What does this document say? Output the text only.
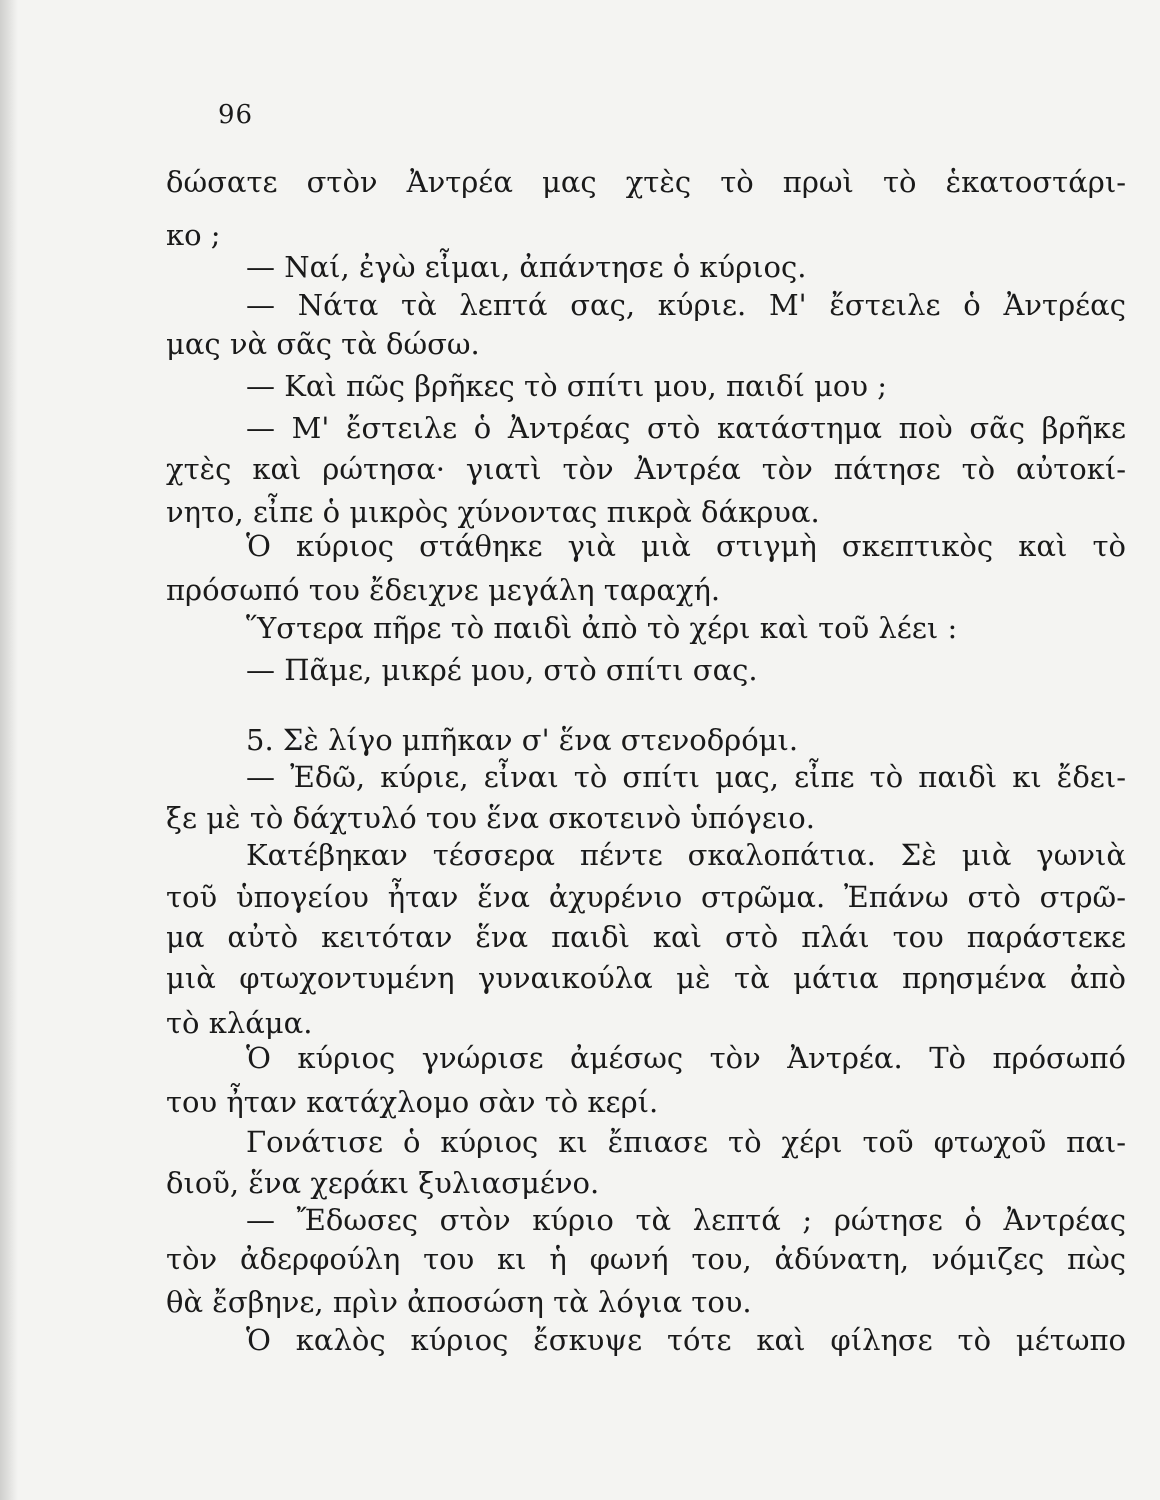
96
δώσατε στὸν Ἀντρέα μας χτὲς τὸ πρωὶ τὸ ἑκατοστάρι-
κο ;
— Ναί, ἐγὼ εἶμαι, ἀπάντησε ὁ κύριος.
— Νάτα τὰ λεπτά σας, κύριε. Μ' ἔστειλε ὁ Ἀντρέας
μας νὰ σᾶς τὰ δώσω.
— Καὶ πῶς βρῆκες τὸ σπίτι μου, παιδί μου ;
— Μ' ἔστειλε ὁ Ἀντρέας στὸ κατάστημα ποὺ σᾶς βρῆκε
χτὲς καὶ ρώτησα· γιατὶ τὸν Ἀντρέα τὸν πάτησε τὸ αὐτοκί-
νητο, εἶπε ὁ μικρὸς χύνοντας πικρὰ δάκρυα.
Ὁ κύριος στάθηκε γιὰ μιὰ στιγμὴ σκεπτικὸς καὶ τὸ
πρόσωπό του ἔδειχνε μεγάλη ταραχή.
Ὕστερα πῆρε τὸ παιδὶ ἀπὸ τὸ χέρι καὶ τοῦ λέει :
— Πᾶμε, μικρέ μου, στὸ σπίτι σας.
5. Σὲ λίγο μπῆκαν σ' ἕνα στενοδρόμι.
— Ἐδῶ, κύριε, εἶναι τὸ σπίτι μας, εἶπε τὸ παιδὶ κι ἔδει-
ξε μὲ τὸ δάχτυλό του ἕνα σκοτεινὸ ὑπόγειο.
Κατέβηκαν τέσσερα πέντε σκαλοπάτια. Σὲ μιὰ γωνιὰ
τοῦ ὑπογείου ἦταν ἕνα ἀχυρένιο στρῶμα. Ἐπάνω στὸ στρῶ-
μα αὐτὸ κειτόταν ἕνα παιδὶ καὶ στὸ πλάι του παράστεκε
μιὰ φτωχοντυμένη γυναικούλα μὲ τὰ μάτια πρησμένα ἀπὸ
τὸ κλάμα.
Ὁ κύριος γνώρισε ἀμέσως τὸν Ἀντρέα. Τὸ πρόσωπό
του ἦταν κατάχλομο σὰν τὸ κερί.
Γονάτισε ὁ κύριος κι ἔπιασε τὸ χέρι τοῦ φτωχοῦ παι-
διοῦ, ἕνα χεράκι ξυλιασμένο.
— Ἔδωσες στὸν κύριο τὰ λεπτά ; ρώτησε ὁ Ἀντρέας
τὸν ἀδερφούλη του κι ἡ φωνή του, ἀδύνατη, νόμιζες πὼς
θὰ ἔσβηνε, πρὶν ἀποσώση τὰ λόγια του.
Ὁ καλὸς κύριος ἔσκυψε τότε καὶ φίλησε τὸ μέτωπο
